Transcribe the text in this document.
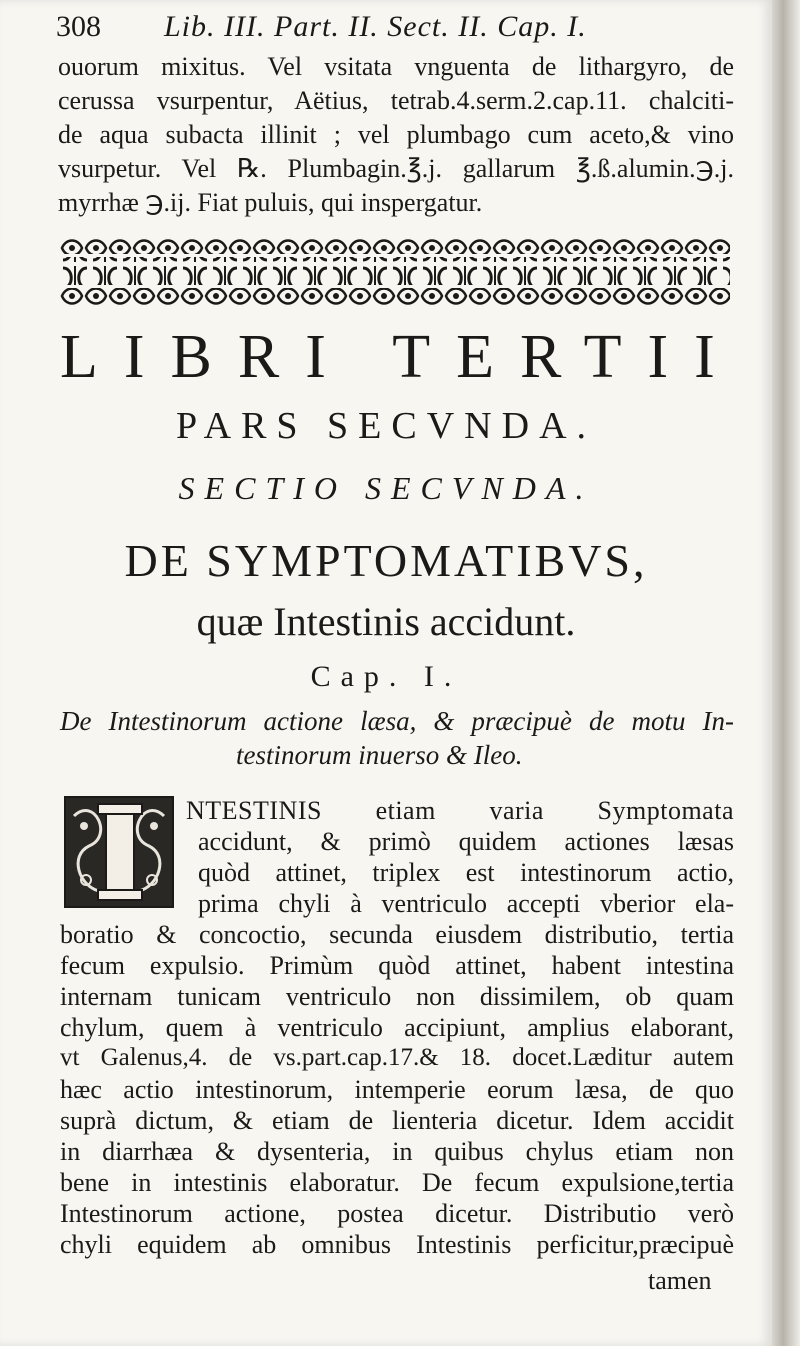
308 Lib. III. Part. II. Sect. II. Cap. I.
ouorum mixitus. Vel vsitata vnguenta de lithargyro, de
cerussa vsurpentur, Aëtius, tetrab.4.serm.2.cap.11. chalciti-
de aqua subacta illinit ; vel plumbago cum aceto,& vino
vsurpetur. Vel ℞. Plumbagin.℥.j. gallarum ℥.ß.alumin.℈.j.
myrrhæ ℈.ij. Fiat puluis, qui inspergatur.
LIBRI TERTII
PARS SECVNDA.
SECTIO SECVNDA.
DE SYMPTOMATIBVS,
quæ Intestinis accidunt.
Cap. I.
De Intestinorum actione læsa, & præcipuè de motu In-
testinorum inuerso & Ileo.
NTESTINIS etiam varia Symptomata
accidunt, & primò quidem actiones læsas
quòd attinet, triplex est intestinorum actio,
prima chyli à ventriculo accepti vberior ela-
boratio & concoctio, secunda eiusdem distributio, tertia
fecum expulsio. Primùm quòd attinet, habent intestina
internam tunicam ventriculo non dissimilem, ob quam
chylum, quem à ventriculo accipiunt, amplius elaborant,
vt Galenus,4. de vs.part.cap.17.& 18. docet.Læditur autem
hæc actio intestinorum, intemperie eorum læsa, de quo
suprà dictum, & etiam de lienteria dicetur. Idem accidit
in diarrhæa & dysenteria, in quibus chylus etiam non
bene in intestinis elaboratur. De fecum expulsione,tertia
Intestinorum actione, postea dicetur. Distributio verò
chyli equidem ab omnibus Intestinis perficitur,præcipuè
tamen
